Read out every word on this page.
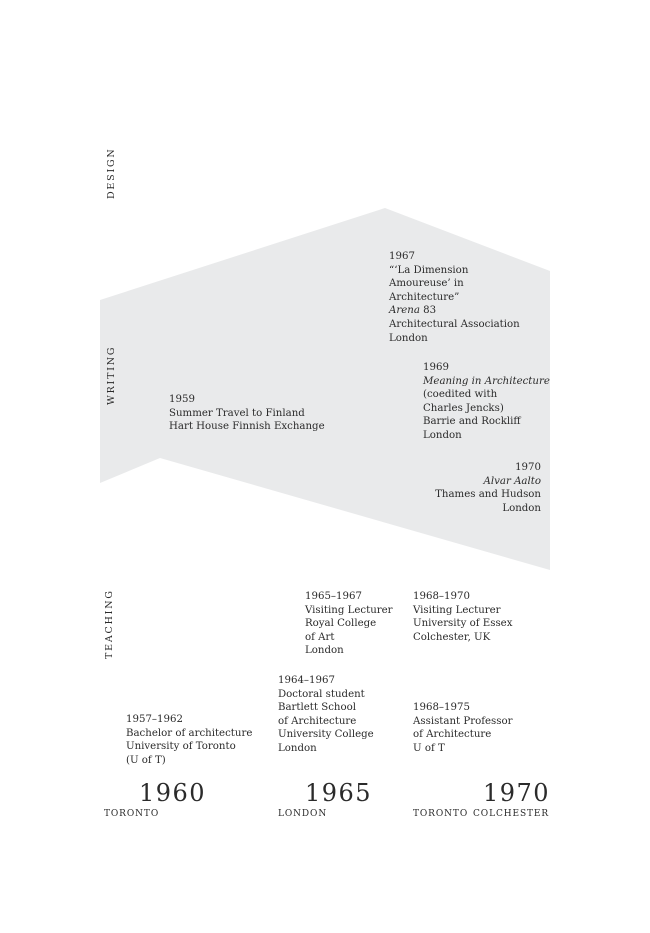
DESIGN
WRITING
TEACHING
1959
Summer Travel to Finland
Hart House Finnish Exchange
1967
“‘La Dimension
Amoureuse’ in
Architecture”
Arena 83
Architectural Association
London
1969
Meaning in Architecture
(coedited with
Charles Jencks)
Barrie and Rockliff
London
1970
Alvar Aalto
Thames and Hudson
London
1957–1962
Bachelor of architecture
University of Toronto
(U of T)
1964–1967
Doctoral student
Bartlett School
of Architecture
University College
London
1965–1967
Visiting Lecturer
Royal College
of Art
London
1968–1970
Visiting Lecturer
University of Essex
Colchester, UK
1968–1975
Assistant Professor
of Architecture
U of T
1960	1965	1970
TORONTO	LONDON	TORONTO COLCHESTER
